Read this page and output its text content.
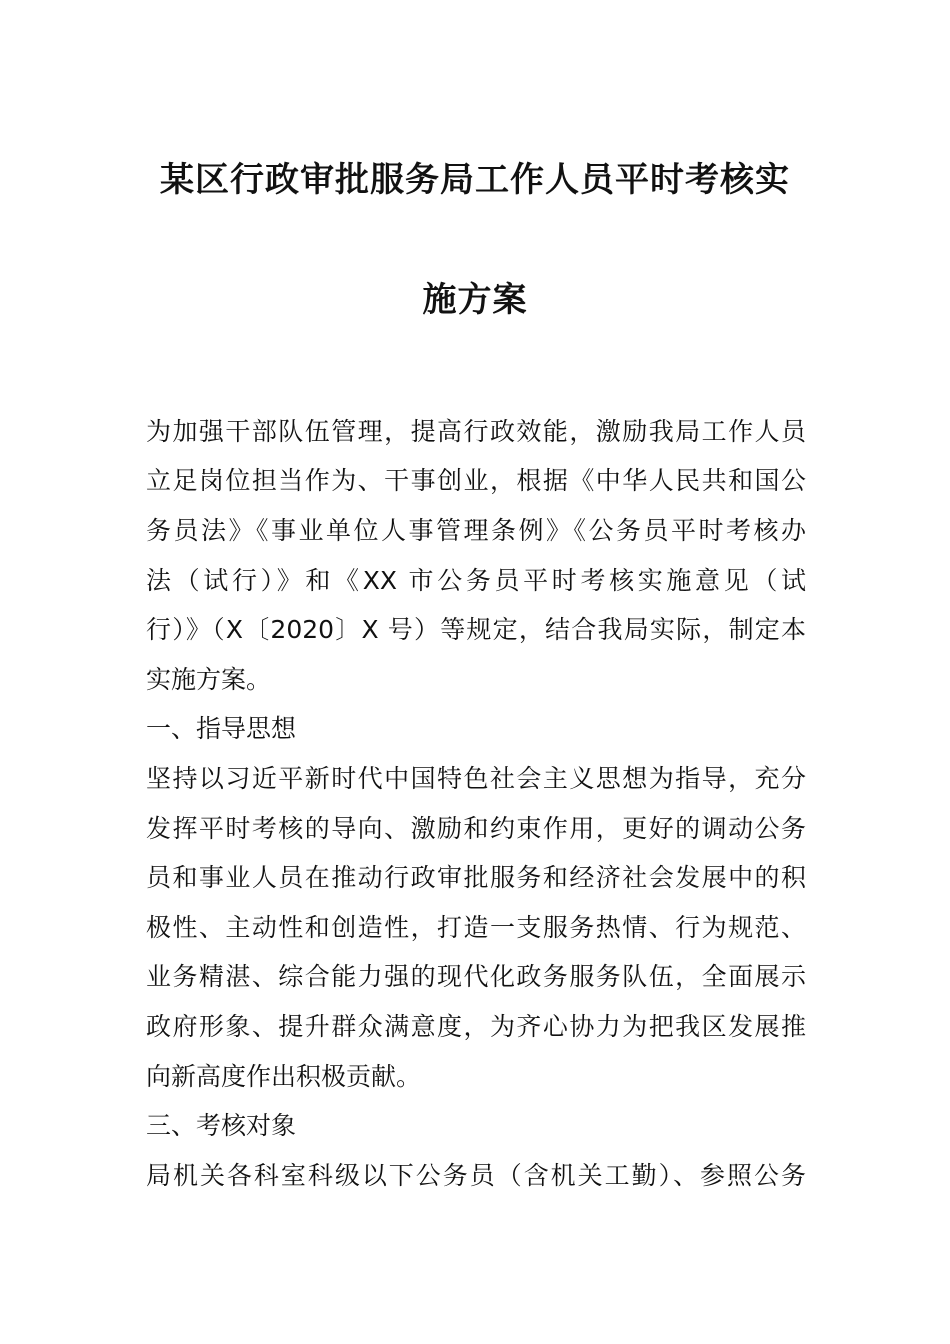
某区行政审批服务局工作人员平时考核实
施方案
为加强干部队伍管理，提高行政效能，激励我局工作人员
立足岗位担当作为、干事创业，根据《中华人民共和国公
务员法》《事业单位人事管理条例》《公务员平时考核办
法（试行）》和《XX 市公务员平时考核实施意见（试
行）》（X〔2020〕X 号）等规定，结合我局实际，制定本
实施方案。
一、指导思想
坚持以习近平新时代中国特色社会主义思想为指导，充分
发挥平时考核的导向、激励和约束作用，更好的调动公务
员和事业人员在推动行政审批服务和经济社会发展中的积
极性、主动性和创造性，打造一支服务热情、行为规范、
业务精湛、综合能力强的现代化政务服务队伍，全面展示
政府形象、提升群众满意度，为齐心协力为把我区发展推
向新高度作出积极贡献。
三、考核对象
局机关各科室科级以下公务员（含机关工勤）、参照公务
